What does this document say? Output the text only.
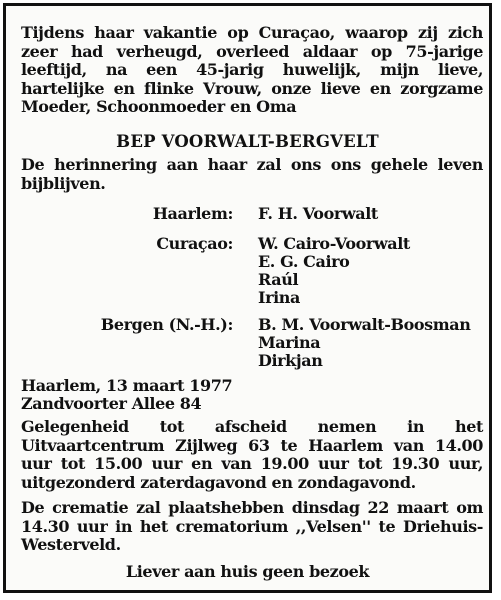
Tijdens haar vakantie op Curaçao, waarop zij zich zeer had verheugd, overleed aldaar op 75-jarige leeftijd, na een 45-jarig huwelijk, mijn lieve, hartelijke en flinke Vrouw, onze lieve en zorgzame Moeder, Schoonmoeder en Oma

BEP VOORWALT-BERGVELT

De herinnering aan haar zal ons ons gehele leven bijblijven.

Haarlem: F. H. Voorwalt
Curaçao: W. Cairo-Voorwalt
E. G. Cairo
Raúl
Irina
Bergen (N.-H.): B. M. Voorwalt-Boosman
Marina
Dirkjan
Haarlem, 13 maart 1977
Zandvoorter Allee 84

Gelegenheid tot afscheid nemen in het Uitvaartcentrum Zijlweg 63 te Haarlem van 14.00 uur tot 15.00 uur en van 19.00 uur tot 19.30 uur, uitgezonderd zaterdagavond en zondagavond.

De crematie zal plaatshebben dinsdag 22 maart om 14.30 uur in het crematorium ,,Velsen'' te Driehuis-Westerveld.

Liever aan huis geen bezoek
